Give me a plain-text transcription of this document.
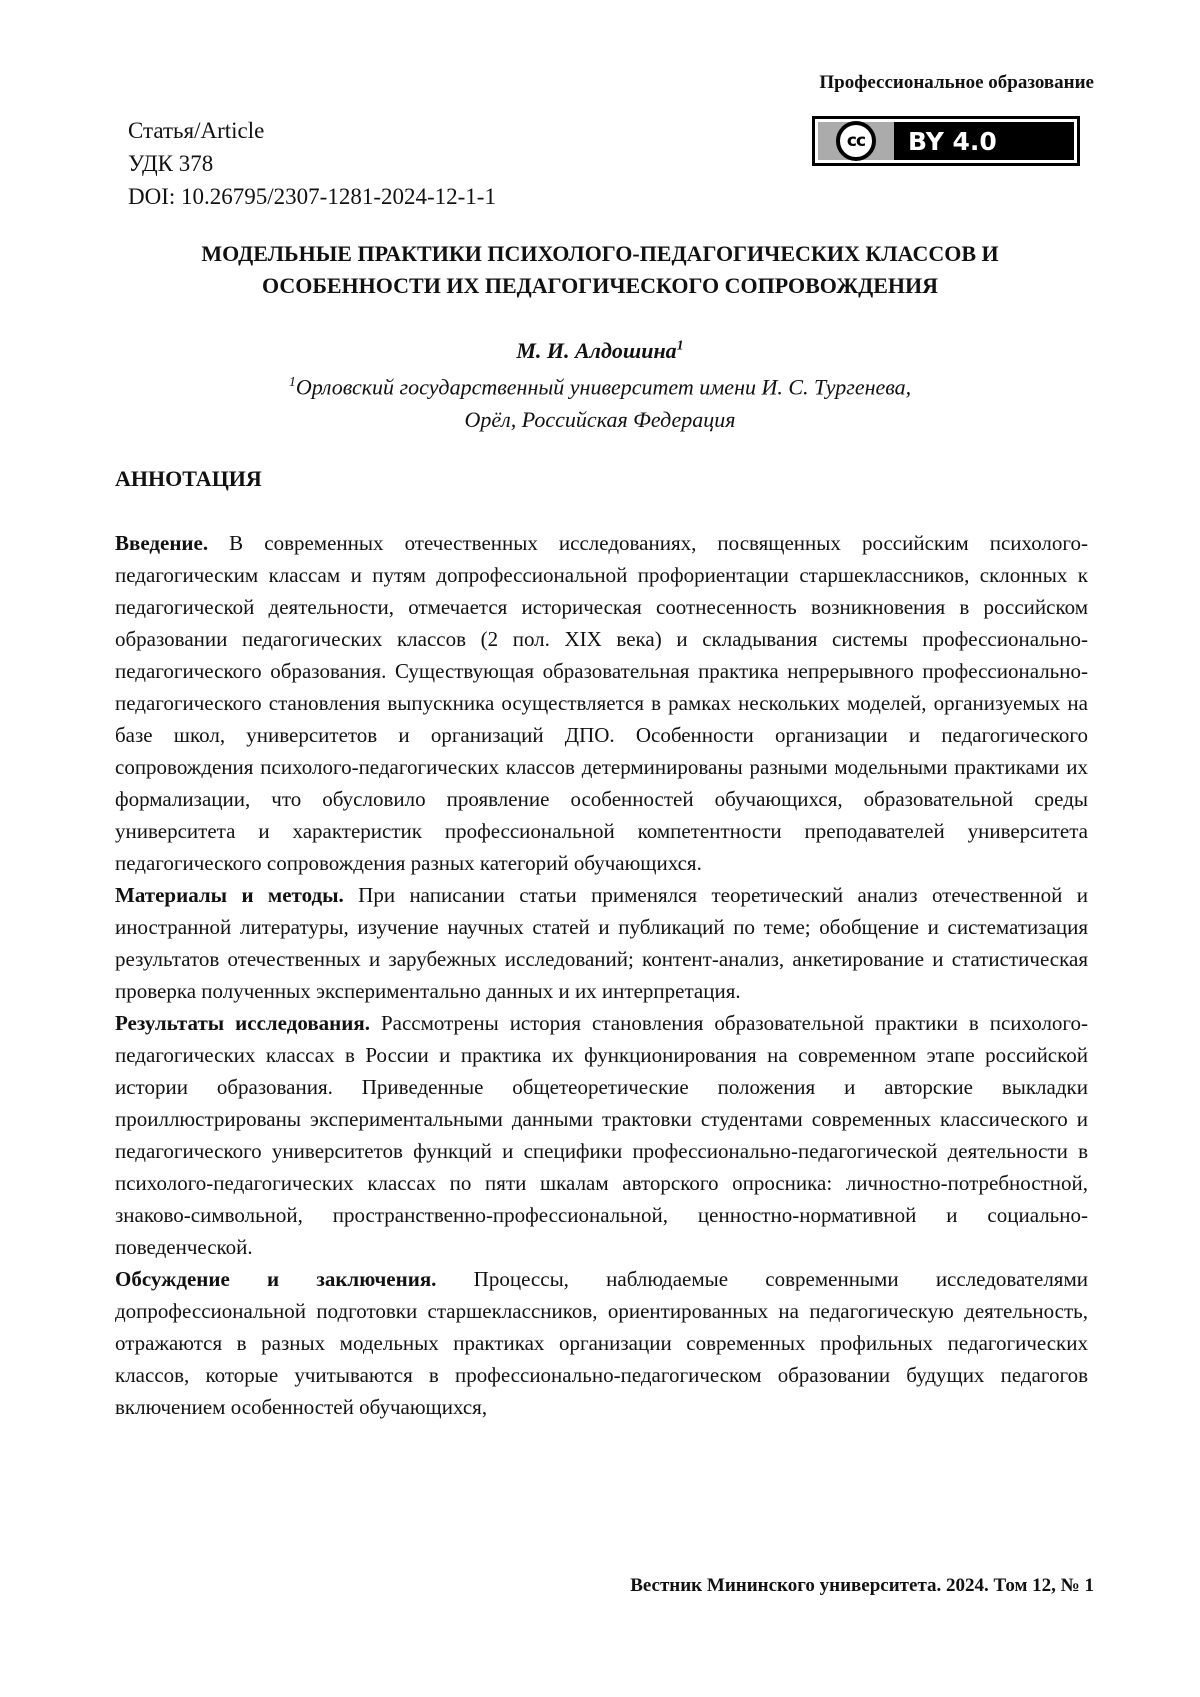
Профессиональное образование
Статья/Article
УДК 378
DOI: 10.26795/2307-1281-2024-12-1-1
cc	BY 4.0
МОДЕЛЬНЫЕ ПРАКТИКИ ПСИХОЛОГО-ПЕДАГОГИЧЕСКИХ КЛАССОВ И
ОСОБЕННОСТИ ИХ ПЕДАГОГИЧЕСКОГО СОПРОВОЖДЕНИЯ
М. И. Алдошина1
1Орловский государственный университет имени И. С. Тургенева,
Орёл, Российская Федерация
АННОТАЦИЯ

Введение. В современных отечественных исследованиях, посвященных российским психолого-педагогическим классам и путям допрофессиональной профориентации старшеклассников, склонных к педагогической деятельности, отмечается историческая соотнесенность возникновения в российском образовании педагогических классов (2 пол. XIX века) и складывания системы профессионально-педагогического образования. Существующая образовательная практика непрерывного профессионально-педагогического становления выпускника осуществляется в рамках нескольких моделей, организуемых на базе школ, университетов и организаций ДПО. Особенности организации и педагогического сопровождения психолого-педагогических классов детерминированы разными модельными практиками их формализации, что обусловило проявление особенностей обучающихся, образовательной среды университета и характеристик профессиональной компетентности преподавателей университета педагогического сопровождения разных категорий обучающихся.

Материалы и методы. При написании статьи применялся теоретический анализ отечественной и иностранной литературы, изучение научных статей и публикаций по теме; обобщение и систематизация результатов отечественных и зарубежных исследований; контент-анализ, анкетирование и статистическая проверка полученных экспериментально данных и их интерпретация.

Результаты исследования. Рассмотрены история становления образовательной практики в психолого-педагогических классах в России и практика их функционирования на современном этапе российской истории образования. Приведенные общетеоретические положения и авторские выкладки проиллюстрированы экспериментальными данными трактовки студентами современных классического и педагогического университетов функций и специфики профессионально-педагогической деятельности в психолого-педагогических классах по пяти шкалам авторского опросника: личностно-потребностной, знаково-символьной, пространственно-профессиональной, ценностно-нормативной и социально-поведенческой.

Обсуждение и заключения. Процессы, наблюдаемые современными исследователями допрофессиональной подготовки старшеклассников, ориентированных на педагогическую деятельность, отражаются в разных модельных практиках организации современных профильных педагогических классов, которые учитываются в профессионально-педагогическом образовании будущих педагогов включением особенностей обучающихся,

Вестник Мининского университета. 2024. Том 12, № 1
